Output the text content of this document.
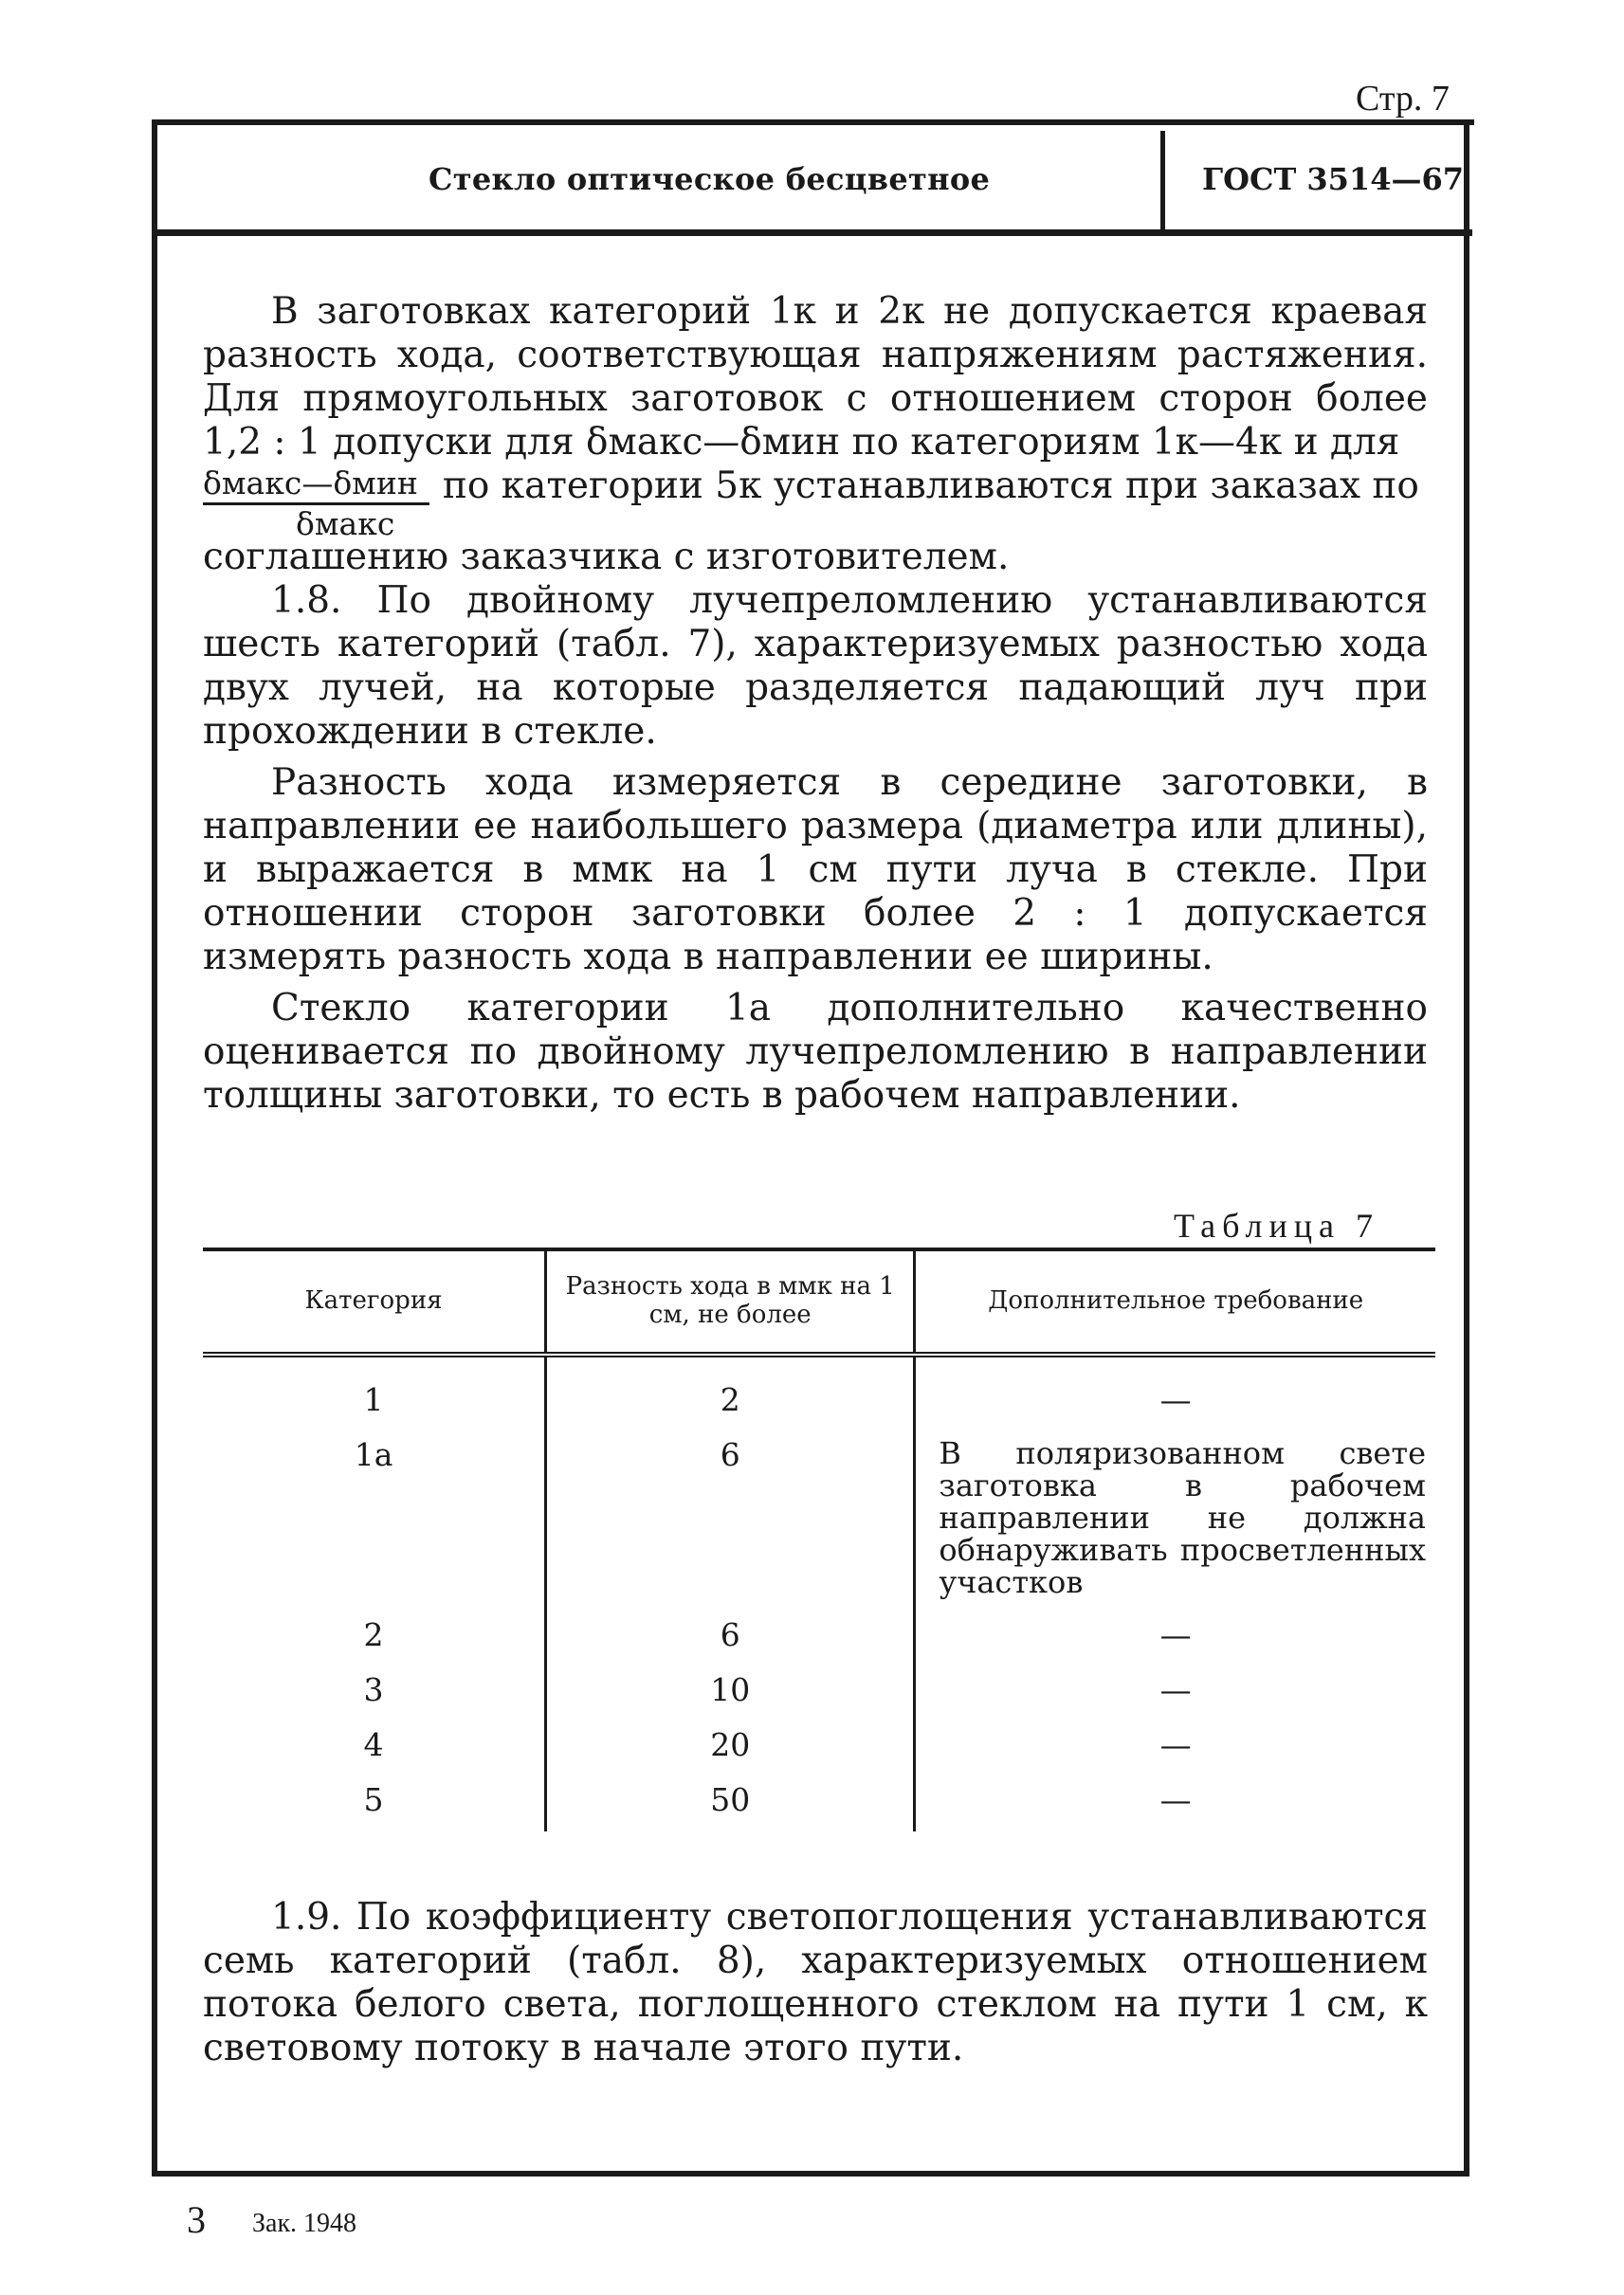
Стр. 7
Стекло оптическое бесцветное	ГОСТ 3514—67

В заготовках категорий 1к и 2к не допускается краевая разность хода, соответствующая напряжениям растяжения. Для прямоугольных заготовок с отношением сторон более 1,2 : 1 допуски для δмакс—δмин по категориям 1к—4к и для

$\frac{\text{δмакс—δмин}}{\text{δмакс}}$ по категории 5к устанавливаются при заказах по

соглашению заказчика с изготовителем.

1.8. По двойному лучепреломлению устанавливаются шесть категорий (табл. 7), характеризуемых разностью хода двух лучей, на которые разделяется падающий луч при прохождении в стекле.

Разность хода измеряется в середине заготовки, в направлении ее наибольшего размера (диаметра или длины), и выражается в ммк на 1 см пути луча в стекле. При отношении сторон заготовки более 2 : 1 допускается измерять разность хода в направлении ее ширины.

Стекло категории 1а дополнительно качественно оценивается по двойному лучепреломлению в направлении толщины заготовки, то есть в рабочем направлении.

Таблица 7
Категория	Разность хода в ммк на 1 см, не более	Дополнительное требование
1	2	—
1а	6	В поляризованном свете заготовка в рабочем направлении не должна обнаруживать просветленных участков
2	6	—
3	10	—
4	20	—
5	50	—

1.9. По коэффициенту светопоглощения устанавливаются семь категорий (табл. 8), характеризуемых отношением потока белого света, поглощенного стеклом на пути 1 см, к световому потоку в начале этого пути.

3 Зак. 1948
